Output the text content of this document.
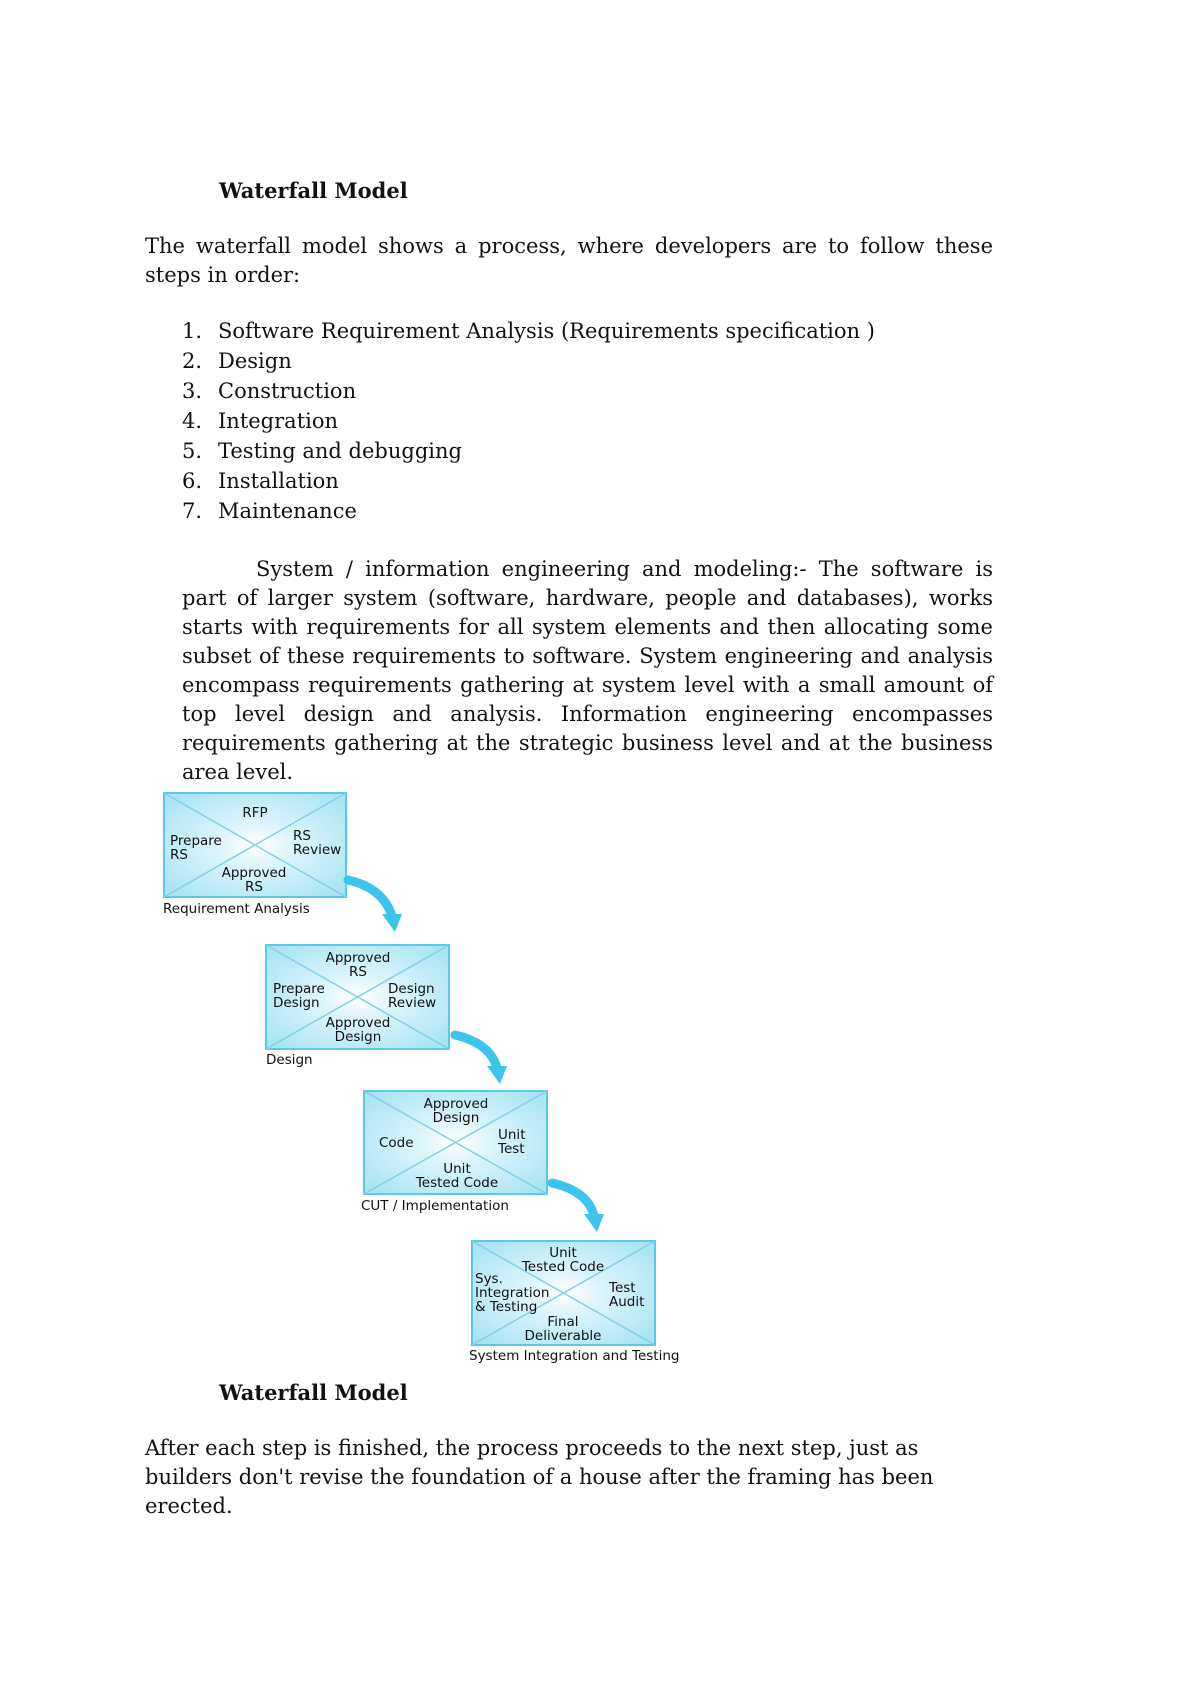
Waterfall Model
The waterfall model shows a process, where developers are to follow these steps in order:
1. Software Requirement Analysis (Requirements specification )
2. Design
3. Construction
4. Integration
5. Testing and debugging
6. Installation
7. Maintenance
System / information engineering and modeling:- The software is part of larger system (software, hardware, people and databases), works starts with requirements for all system elements and then allocating some subset of these requirements to software. System engineering and analysis encompass requirements gathering at system level with a small amount of top level design and analysis. Information engineering encompasses requirements gathering at the strategic business level and at the business area level.
RFP
Prepare
RS
RS
Review
Approved
RS
Requirement Analysis
Approved
RS
Prepare
Design
Design
Review
Approved
Design
Design
Approved
Design
Code	Unit
Test
Unit
Tested Code
CUT / Implementation
Unit
Tested Code
Sys.
Integration
& Testing
Test
Audit
Final
Deliverable
System Integration and Testing
Waterfall Model
After each step is finished, the process proceeds to the next step, just as builders don't revise the foundation of a house after the framing has been erected.
